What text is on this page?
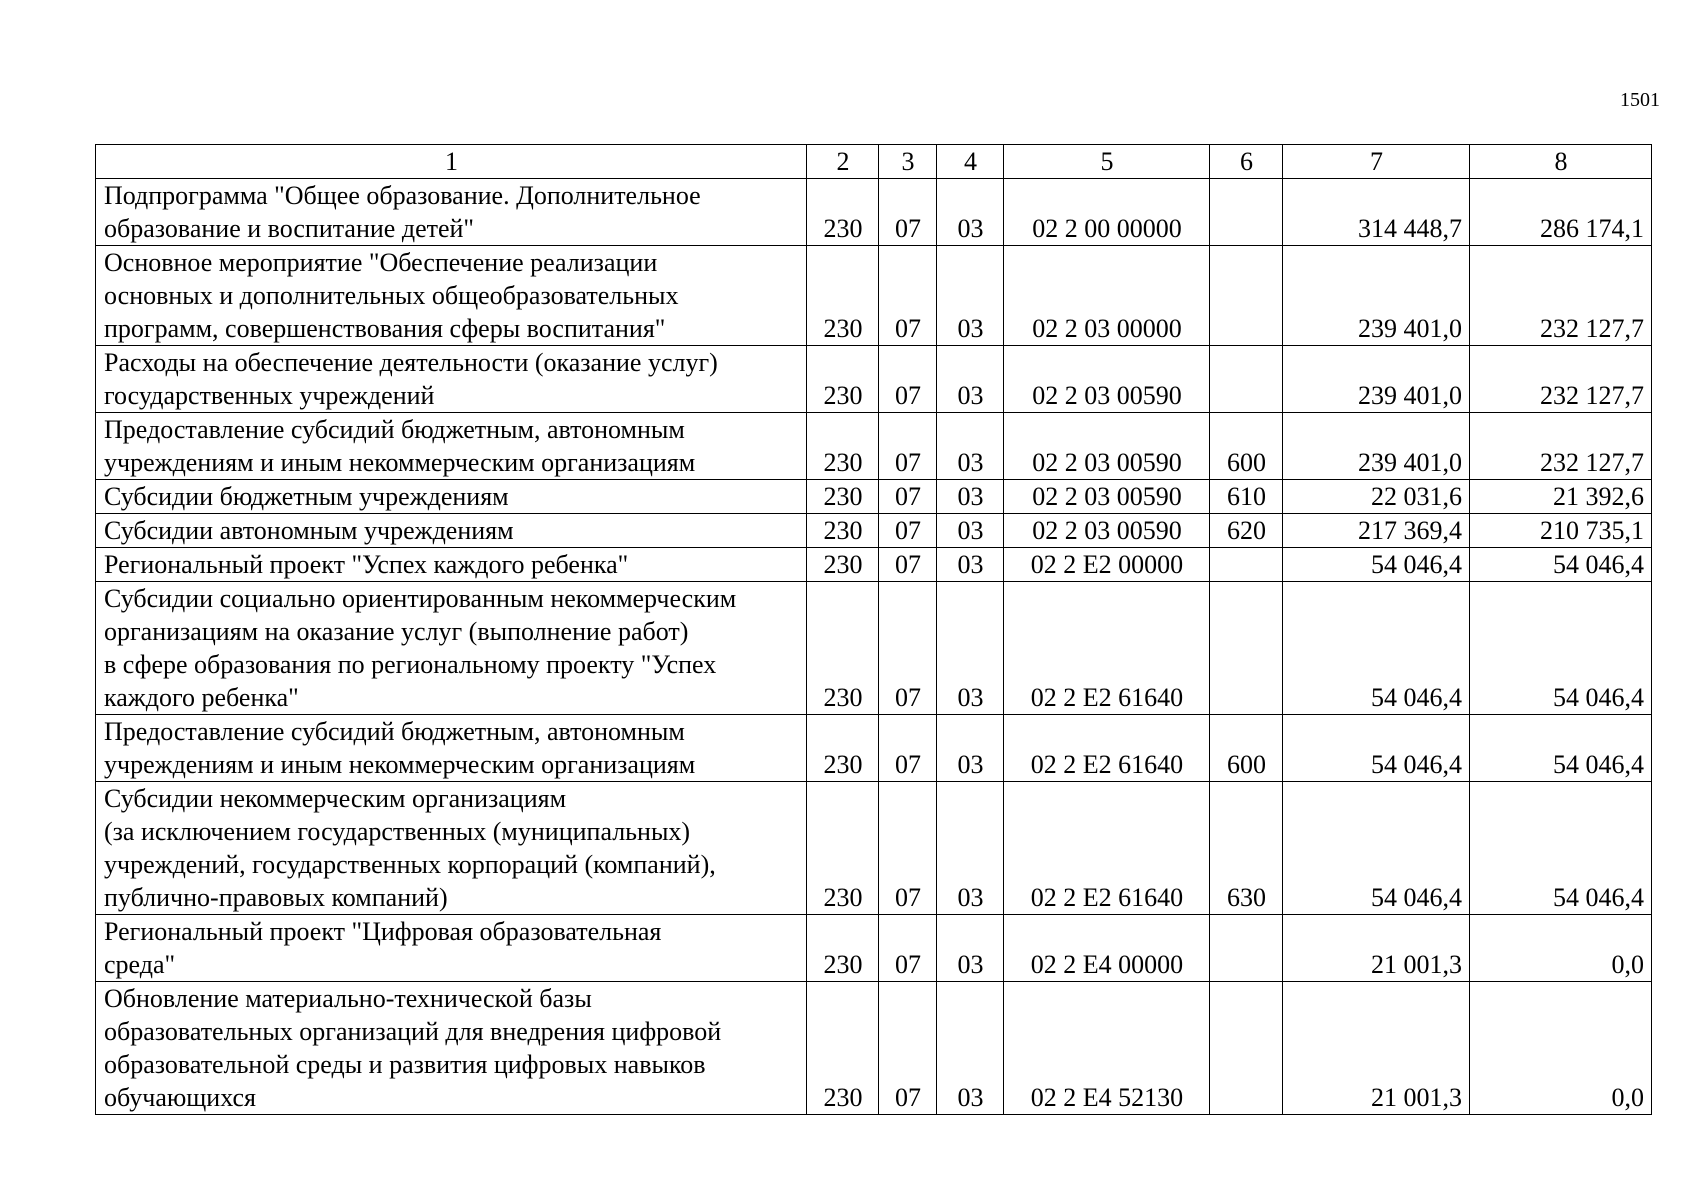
1501
1	2	3	4	5	6	7	8
Подпрограмма "Общее образование. Дополнительное
образование и воспитание детей"	230	07	03	02 2 00 00000		314 448,7	286 174,1
Основное мероприятие "Обеспечение реализации
основных и дополнительных общеобразовательных
программ, совершенствования сферы воспитания"	230	07	03	02 2 03 00000		239 401,0	232 127,7
Расходы на обеспечение деятельности (оказание услуг)
государственных учреждений	230	07	03	02 2 03 00590		239 401,0	232 127,7
Предоставление субсидий бюджетным, автономным
учреждениям и иным некоммерческим организациям	230	07	03	02 2 03 00590	600	239 401,0	232 127,7
Субсидии бюджетным учреждениям	230	07	03	02 2 03 00590	610	22 031,6	21 392,6
Субсидии автономным учреждениям	230	07	03	02 2 03 00590	620	217 369,4	210 735,1
Региональный проект "Успех каждого ребенка"	230	07	03	02 2 E2 00000		54 046,4	54 046,4
Субсидии социально ориентированным некоммерческим
организациям на оказание услуг (выполнение работ)
в сфере образования по региональному проекту "Успех
каждого ребенка"	230	07	03	02 2 E2 61640		54 046,4	54 046,4
Предоставление субсидий бюджетным, автономным
учреждениям и иным некоммерческим организациям	230	07	03	02 2 E2 61640	600	54 046,4	54 046,4
Субсидии некоммерческим организациям
(за исключением государственных (муниципальных)
учреждений, государственных корпораций (компаний),
публично-правовых компаний)	230	07	03	02 2 E2 61640	630	54 046,4	54 046,4
Региональный проект "Цифровая образовательная
среда"	230	07	03	02 2 E4 00000		21 001,3	0,0
Обновление материально-технической базы
образовательных организаций для внедрения цифровой
образовательной среды и развития цифровых навыков
обучающихся	230	07	03	02 2 E4 52130		21 001,3	0,0
